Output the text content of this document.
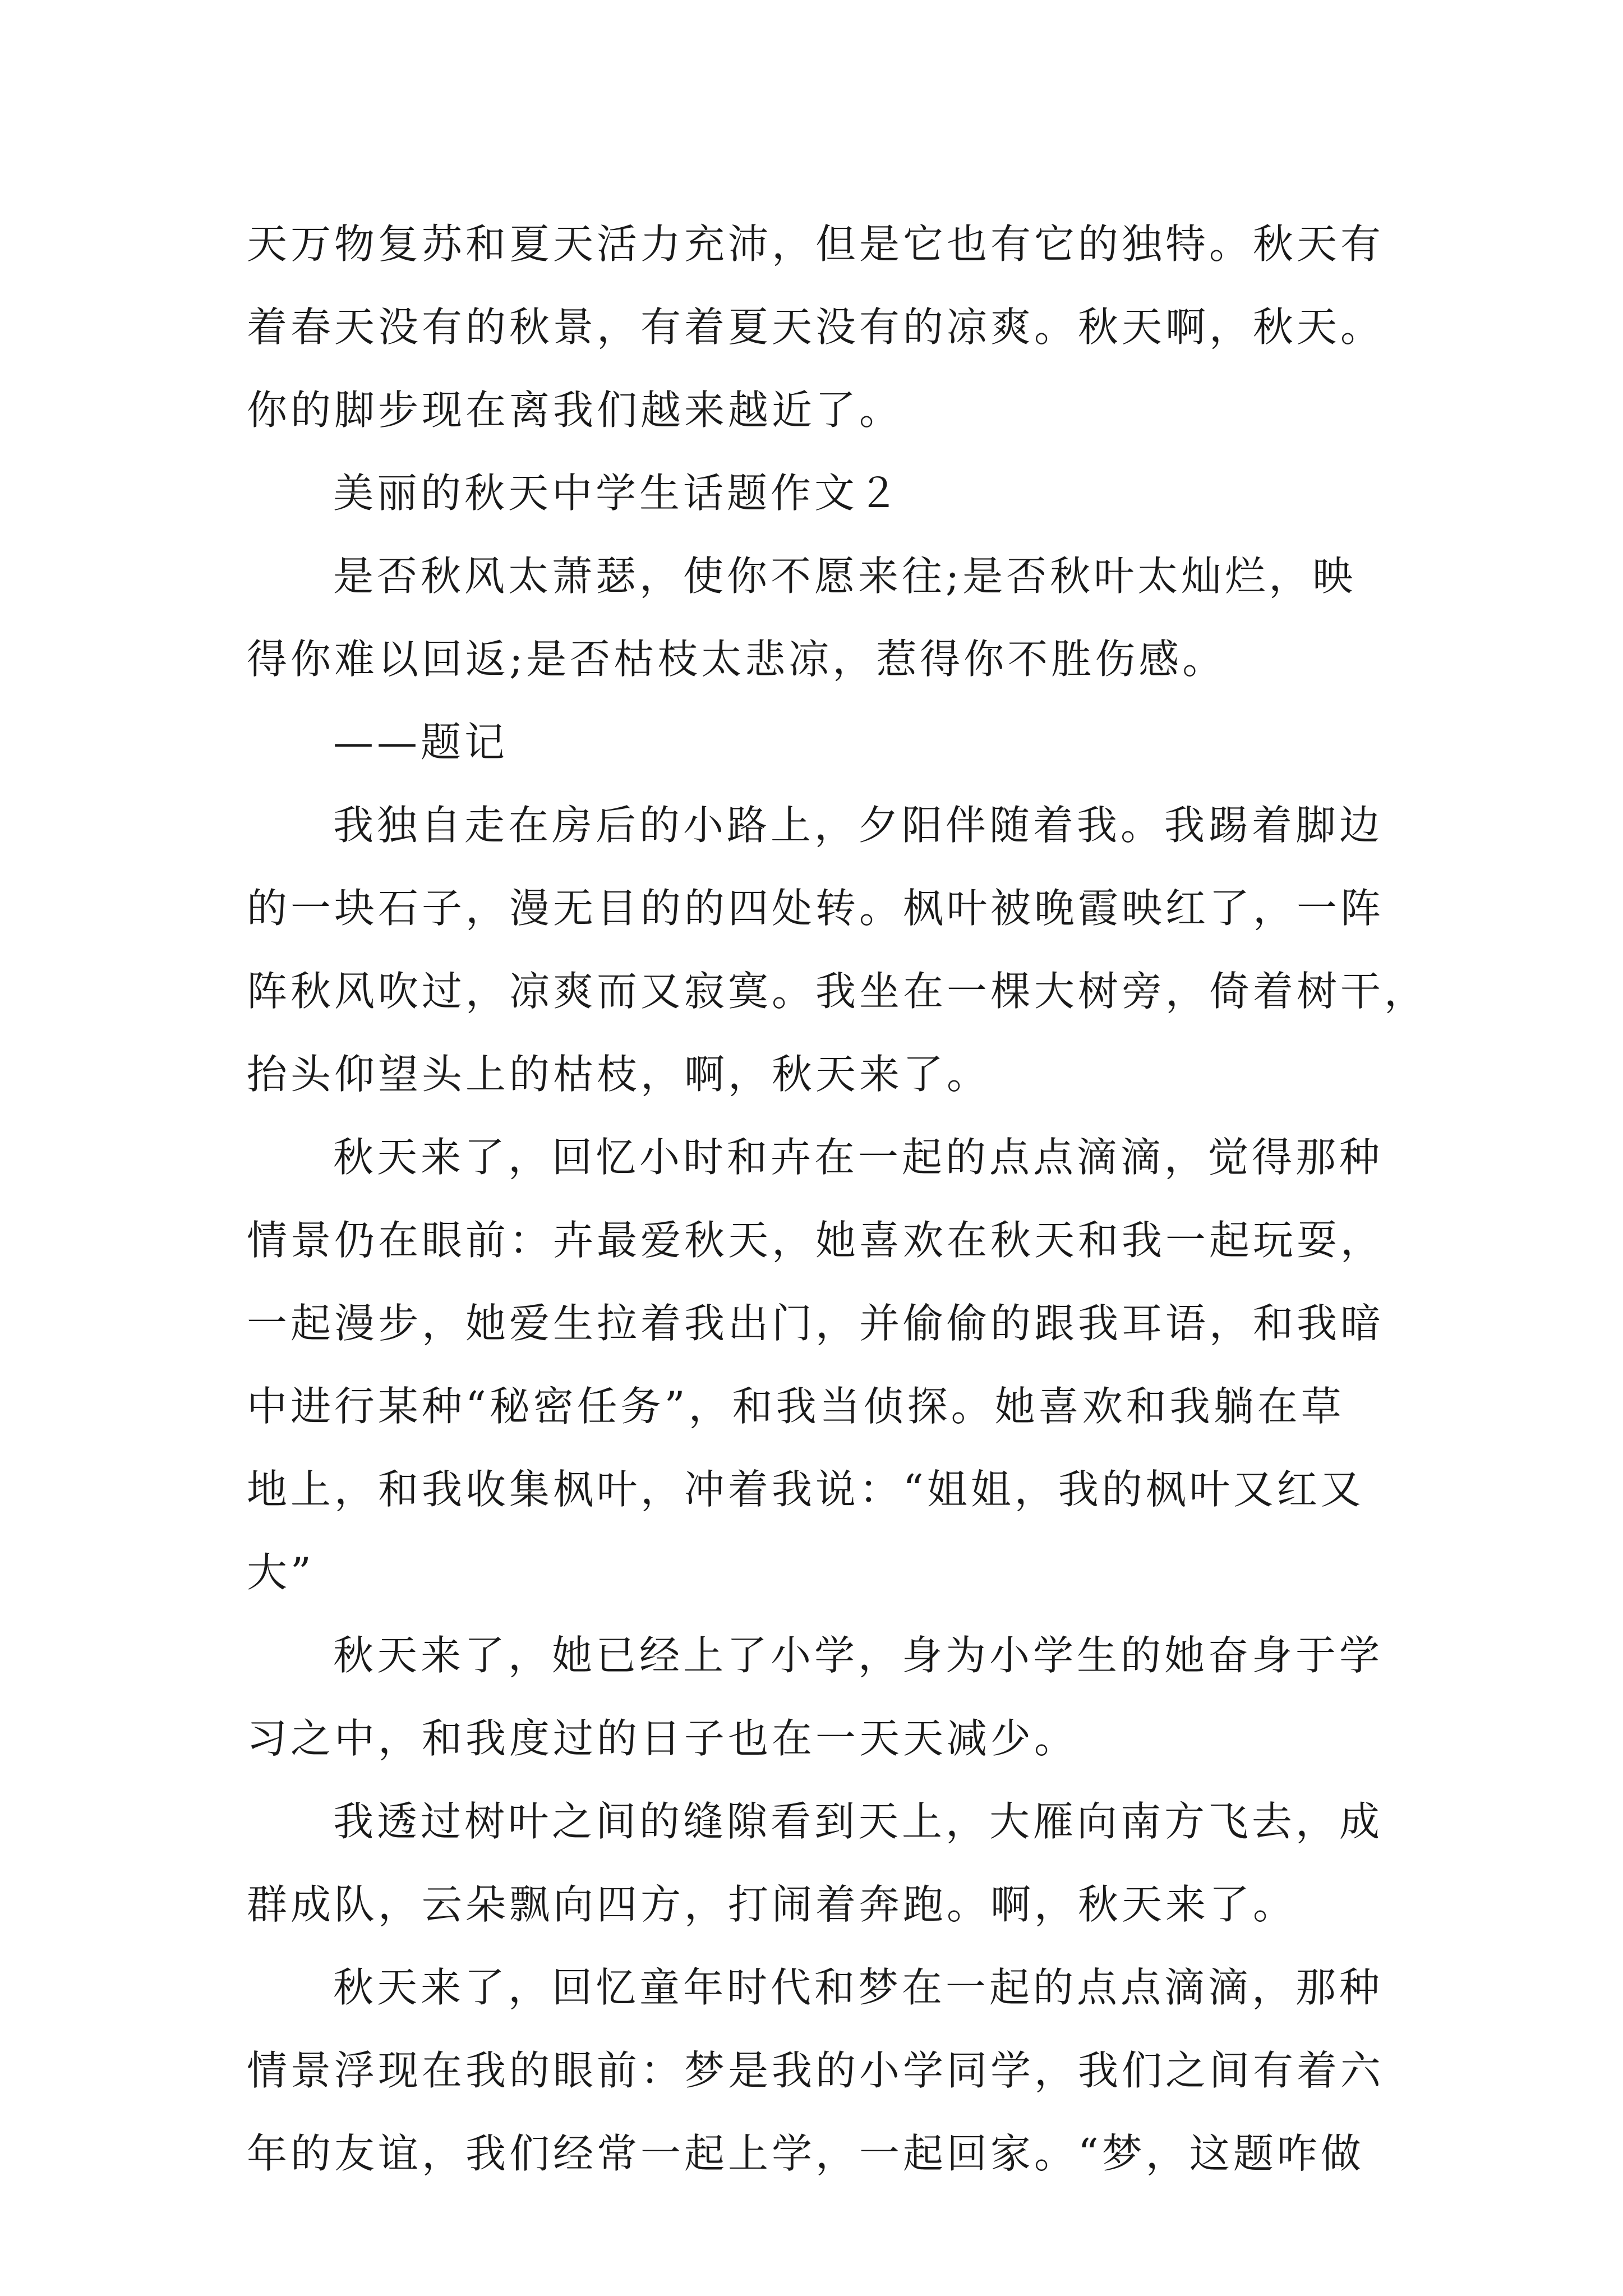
天万物复苏和夏天活力充沛，但是它也有它的独特。秋天有
着春天没有的秋景，有着夏天没有的凉爽。秋天啊，秋天。
你的脚步现在离我们越来越近了。
美丽的秋天中学生话题作文２
是否秋风太萧瑟，使你不愿来往;是否秋叶太灿烂，映
得你难以回返;是否枯枝太悲凉，惹得你不胜伤感。
——题记
我独自走在房后的小路上，夕阳伴随着我。我踢着脚边
的一块石子，漫无目的的四处转。枫叶被晚霞映红了，一阵
阵秋风吹过，凉爽而又寂寞。我坐在一棵大树旁，倚着树干，
抬头仰望头上的枯枝，啊，秋天来了。
秋天来了，回忆小时和卉在一起的点点滴滴，觉得那种
情景仍在眼前：卉最爱秋天，她喜欢在秋天和我一起玩耍，
一起漫步，她爱生拉着我出门，并偷偷的跟我耳语，和我暗
中进行某种“秘密任务”，和我当侦探。她喜欢和我躺在草
地上，和我收集枫叶，冲着我说：“姐姐，我的枫叶又红又
大”
秋天来了，她已经上了小学，身为小学生的她奋身于学
习之中，和我度过的日子也在一天天减少。
我透过树叶之间的缝隙看到天上，大雁向南方飞去，成
群成队，云朵飘向四方，打闹着奔跑。啊，秋天来了。
秋天来了，回忆童年时代和梦在一起的点点滴滴，那种
情景浮现在我的眼前：梦是我的小学同学，我们之间有着六
年的友谊，我们经常一起上学，一起回家。“梦，这题咋做
